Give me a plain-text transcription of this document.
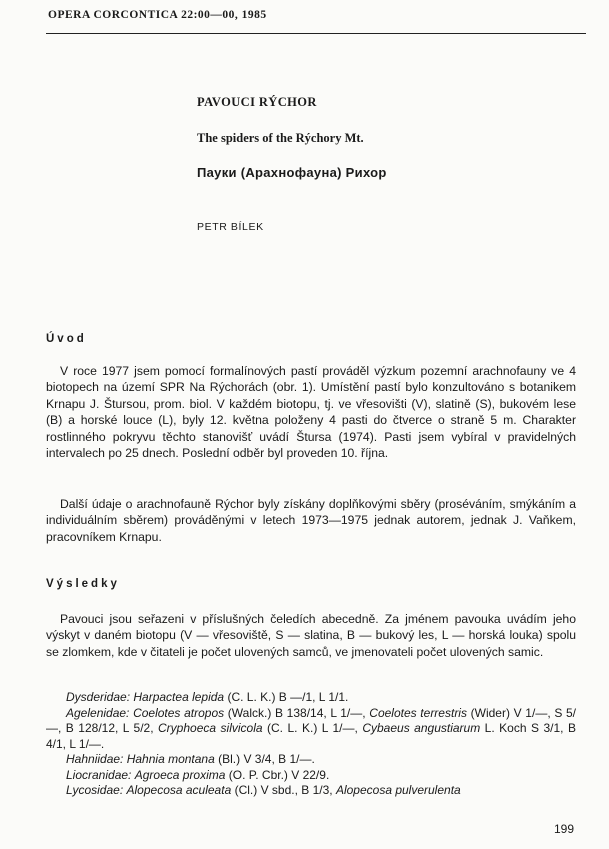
OPERA CORCONTICA 22:00—00, 1985
PAVOUCI RÝCHOR
The spiders of the Rýchory Mt.
Пауки (Арахнофауна) Рихор
PETR BÍLEK
Úvod

V roce 1977 jsem pomocí formalínových pastí prováděl výzkum pozemní arachnofauny ve 4 biotopech na území SPR Na Rýchorách (obr. 1). Umístění pastí bylo konzultováno s botanikem Krnapu J. Štursou, prom. biol. V každém biotopu, tj. ve vřesovišti (V), slatině (S), bukovém lese (B) a horské louce (L), byly 12. května položeny 4 pasti do čtverce o straně 5 m. Charakter rostlinného pokryvu těchto stanovišť uvádí Štursa (1974). Pasti jsem vybíral v pravidelných intervalech po 25 dnech. Poslední odběr byl proveden 10. října.

Další údaje o arachnofauně Rýchor byly získány doplňkovými sběry (proséváním, smýkáním a individuálním sběrem) prováděnými v letech 1973—1975 jednak autorem, jednak J. Vaňkem, pracovníkem Krnapu.

Výsledky

Pavouci jsou seřazeni v příslušných čeledích abecedně. Za jménem pavouka uvádím jeho výskyt v daném biotopu (V — vřesoviště, S — slatina, B — bukový les, L — horská louka) spolu se zlomkem, kde v čitateli je počet ulovených samců, ve jmenovateli počet ulovených samic.

Dysderidae: Harpactea lepida (C. L. K.) B —/1, L 1/1.

Agelenidae: Coelotes atropos (Walck.) B 138/14, L 1/—, Coelotes terrestris (Wider) V 1/—, S 5/—, B 128/12, L 5/2, Cryphoeca silvicola (C. L. K.) L 1/—, Cybaeus angustiarum L. Koch S 3/1, B 4/1, L 1/—.

Hahniidae: Hahnia montana (Bl.) V 3/4, B 1/—.

Liocranidae: Agroeca proxima (O. P. Cbr.) V 22/9.

Lycosidae: Alopecosa aculeata (Cl.) V sbd., B 1/3, Alopecosa pulverulenta

199
